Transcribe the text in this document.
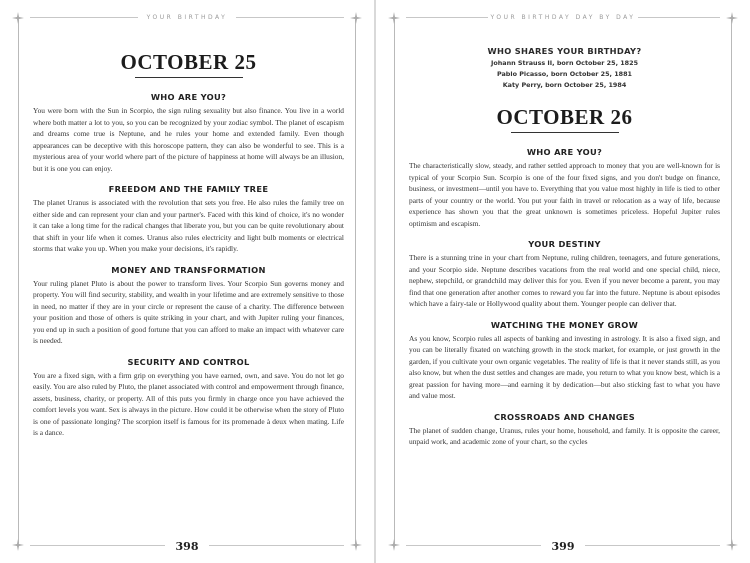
YOUR BIRTHDAY
OCTOBER 25
WHO ARE YOU?

You were born with the Sun in Scorpio, the sign ruling sexuality but also finance. You live in a world where both matter a lot to you, so you can be recognized by your zodiac symbol. The planet of escapism and dreams come true is Neptune, and he rules your home and extended family. Even though appearances can be deceptive with this horoscope pattern, they can also be wonderful to see. This is a mysterious area of your world where part of the picture of happiness at home will always be an illusion, but it is one you can enjoy.

FREEDOM AND THE FAMILY TREE

The planet Uranus is associated with the revolution that sets you free. He also rules the family tree on either side and can represent your clan and your partner's. Faced with this kind of choice, it's no wonder it can take a long time for the radical changes that liberate you, but you can be quite revolutionary about that shift in your life when it comes. Uranus also rules electricity and light bulb moments or electrical storms that wake you up. When you make your decisions, it's rapidly.

MONEY AND TRANSFORMATION

Your ruling planet Pluto is about the power to transform lives. Your Scorpio Sun governs money and property. You will find security, stability, and wealth in your lifetime and are extremely sensitive to those in need, no matter if they are in your circle or represent the cause of a charity. The difference between your position and those of others is quite striking in your chart, and with Jupiter ruling your finances, you end up in such a position of good fortune that you can afford to make an impact with whatever care is needed.

SECURITY AND CONTROL

You are a fixed sign, with a firm grip on everything you have earned, own, and save. You do not let go easily. You are also ruled by Pluto, the planet associated with control and empowerment through finance, assets, business, charity, or property. All of this puts you firmly in charge once you have achieved the comfort levels you want. Sex is always in the picture. How could it be otherwise when the story of Pluto is one of passionate longing? The scorpion itself is famous for its promenade à deux when mating. Life is a dance.

398
YOUR BIRTHDAY DAY BY DAY
WHO SHARES YOUR BIRTHDAY?
Johann Strauss II, born October 25, 1825
Pablo Picasso, born October 25, 1881
Katy Perry, born October 25, 1984
OCTOBER 26
WHO ARE YOU?

The characteristically slow, steady, and rather settled approach to money that you are well-known for is typical of your Scorpio Sun. Scorpio is one of the four fixed signs, and you don't budge on finance, business, or investment—until you have to. Everything that you value most highly in life is tied to other parts of your country or the world. You put your faith in travel or relocation as a way of life, because experience has shown you that the great unknown is sometimes priceless. Hopeful Jupiter rules optimism and escapism.

YOUR DESTINY

There is a stunning trine in your chart from Neptune, ruling children, teenagers, and future generations, and your Scorpio side. Neptune describes vacations from the real world and one special child, niece, nephew, stepchild, or grandchild may deliver this for you. Even if you never become a parent, you may find that one generation after another comes to reward you far into the future. Neptune is about episodes which have a fairy-tale or Hollywood quality about them. Younger people can deliver that.

WATCHING THE MONEY GROW

As you know, Scorpio rules all aspects of banking and investing in astrology. It is also a fixed sign, and you can be literally fixated on watching growth in the stock market, for example, or just growth in the garden, if you cultivate your own organic vegetables. The reality of life is that it never stands still, as you also know, but when the dust settles and changes are made, you return to what you know best, which is a great passion for having more—and earning it by dedication—but also sticking fast to what you have and value most.

CROSSROADS AND CHANGES

The planet of sudden change, Uranus, rules your home, household, and family. It is opposite the career, unpaid work, and academic zone of your chart, so the cycles

399
